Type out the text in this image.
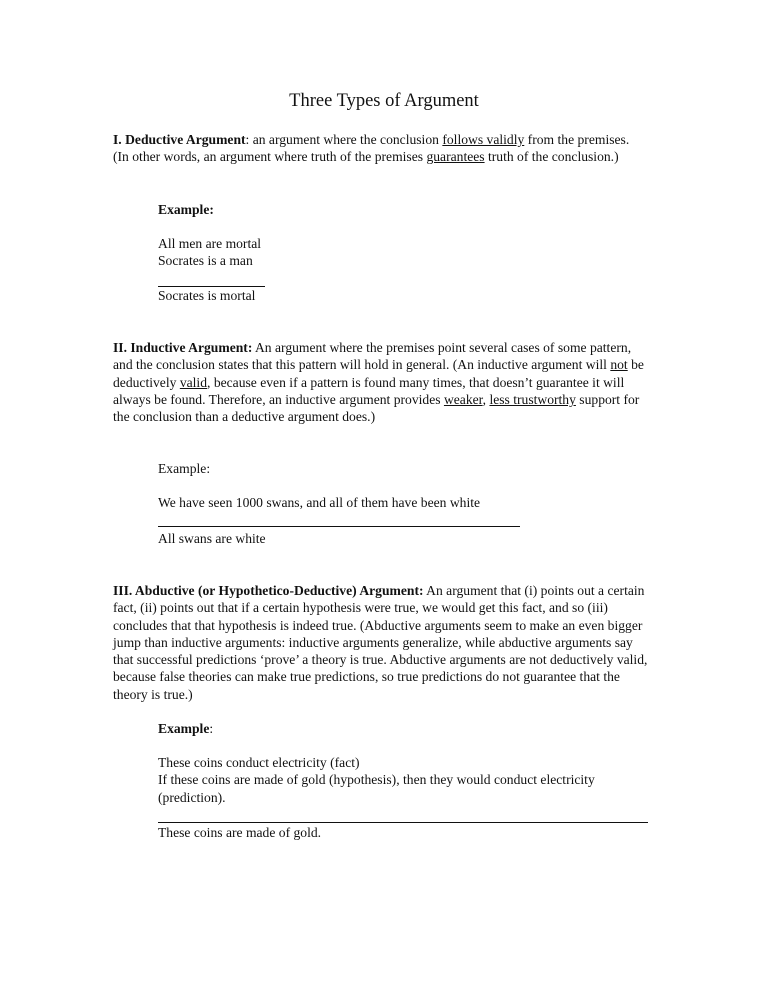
Three Types of Argument
I. Deductive Argument: an argument where the conclusion follows validly from the premises. (In other words, an argument where truth of the premises guarantees truth of the conclusion.)
Example:
All men are mortal
Socrates is a man
Socrates is mortal
II. Inductive Argument: An argument where the premises point several cases of some pattern, and the conclusion states that this pattern will hold in general. (An inductive argument will not be deductively valid, because even if a pattern is found many times, that doesn’t guarantee it will always be found. Therefore, an inductive argument provides weaker, less trustworthy support for the conclusion than a deductive argument does.)
Example:
We have seen 1000 swans, and all of them have been white
All swans are white
III. Abductive (or Hypothetico-Deductive) Argument: An argument that (i) points out a certain fact, (ii) points out that if a certain hypothesis were true, we would get this fact, and so (iii) concludes that that hypothesis is indeed true. (Abductive arguments seem to make an even bigger jump than inductive arguments: inductive arguments generalize, while abductive arguments say that successful predictions ‘prove’ a theory is true. Abductive arguments are not deductively valid, because false theories can make true predictions, so true predictions do not guarantee that the theory is true.)
Example:
These coins conduct electricity (fact)
If these coins are made of gold (hypothesis), then they would conduct electricity (prediction).
These coins are made of gold.
